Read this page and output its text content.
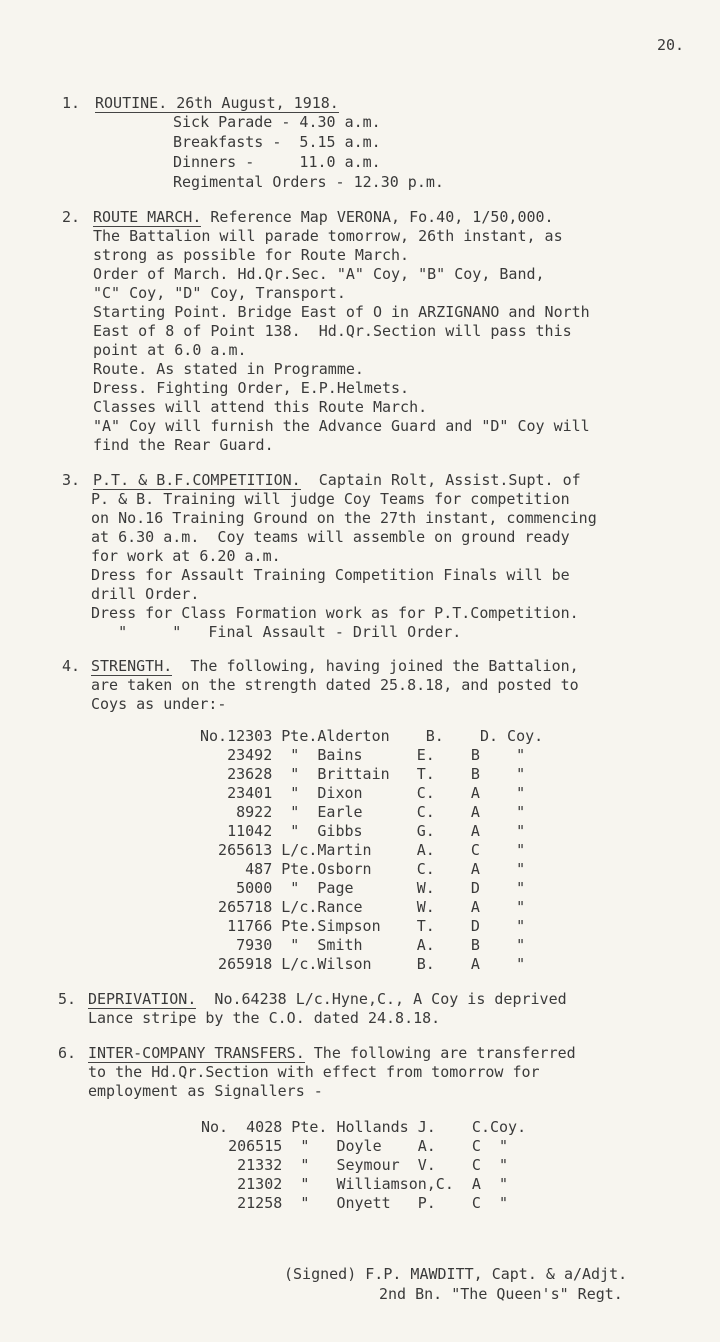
20.
1. ROUTINE. 26th August, 1918.
Sick Parade - 4.30 a.m.
Breakfasts -  5.15 a.m.
Dinners -     11.0 a.m.
Regimental Orders - 12.30 p.m.
2. ROUTE MARCH. Reference Map VERONA, Fo.40, 1/50,000.
The Battalion will parade tomorrow, 26th instant, as
strong as possible for Route March.
Order of March. Hd.Qr.Sec. "A" Coy, "B" Coy, Band,
"C" Coy, "D" Coy, Transport.
Starting Point. Bridge East of O in ARZIGNANO and North
East of 8 of Point 138.  Hd.Qr.Section will pass this
point at 6.0 a.m.
Route. As stated in Programme.
Dress. Fighting Order, E.P.Helmets.
Classes will attend this Route March.
"A" Coy will furnish the Advance Guard and "D" Coy will
find the Rear Guard.
3. P.T. & B.F.COMPETITION.  Captain Rolt, Assist.Supt. of
P. & B. Training will judge Coy Teams for competition
on No.16 Training Ground on the 27th instant, commencing
at 6.30 a.m.  Coy teams will assemble on ground ready
for work at 6.20 a.m.
Dress for Assault Training Competition Finals will be
drill Order.
Dress for Class Formation work as for P.T.Competition.
"     "   Final Assault - Drill Order.
4. STRENGTH.  The following, having joined the Battalion,
are taken on the strength dated 25.8.18, and posted to
Coys as under:-
No.12303 Pte.Alderton    B.    D. Coy.
23492  "  Bains      E.    B    "
23628  "  Brittain   T.    B    "
23401  "  Dixon      C.    A    "
8922  "  Earle      C.    A    "
11042  "  Gibbs      G.    A    "
265613 L/c.Martin     A.    C    "
487 Pte.Osborn     C.    A    "
5000  "  Page       W.    D    "
265718 L/c.Rance      W.    A    "
11766 Pte.Simpson    T.    D    "
7930  "  Smith      A.    B    "
265918 L/c.Wilson     B.    A    "
5. DEPRIVATION.  No.64238 L/c.Hyne,C., A Coy is deprived
Lance stripe by the C.O. dated 24.8.18.
6. INTER-COMPANY TRANSFERS. The following are transferred
to the Hd.Qr.Section with effect from tomorrow for
employment as Signallers -
No.  4028 Pte. Hollands J.    C.Coy.
206515  "   Doyle    A.    C  "
21332  "   Seymour  V.    C  "
21302  "   Williamson,C.  A  "
21258  "   Onyett   P.    C  "
(Signed) F.P. MAWDITT, Capt. & a/Adjt.
2nd Bn. "The Queen's" Regt.
